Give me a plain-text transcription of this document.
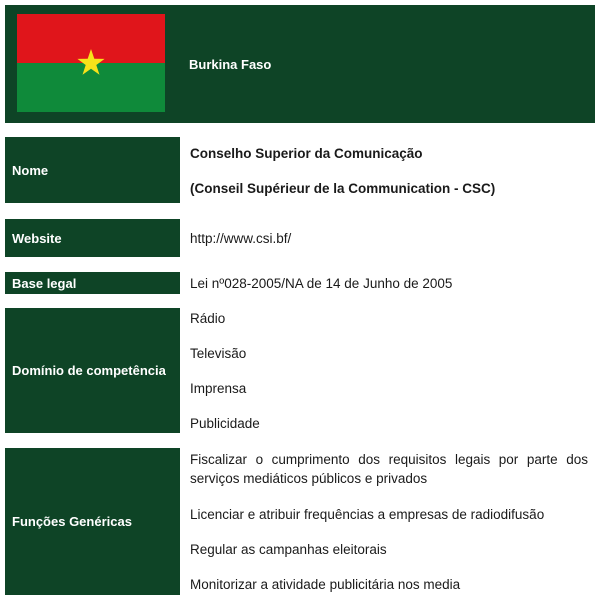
Burkina Faso
Nome
Conselho Superior da Comunicação
(Conseil Supérieur de la Communication - CSC)
Website	http://www.csi.bf/
Base legal	Lei nº028-2005/NA de 14 de Junho de 2005
Domínio de competência
Rádio
Televisão
Imprensa
Publicidade
Funções Genéricas
Fiscalizar o cumprimento dos requisitos legais por parte dos serviços mediáticos públicos e privados
Licenciar e atribuir frequências a empresas de radiodifusão
Regular as campanhas eleitorais
Monitorizar a atividade publicitária nos media
